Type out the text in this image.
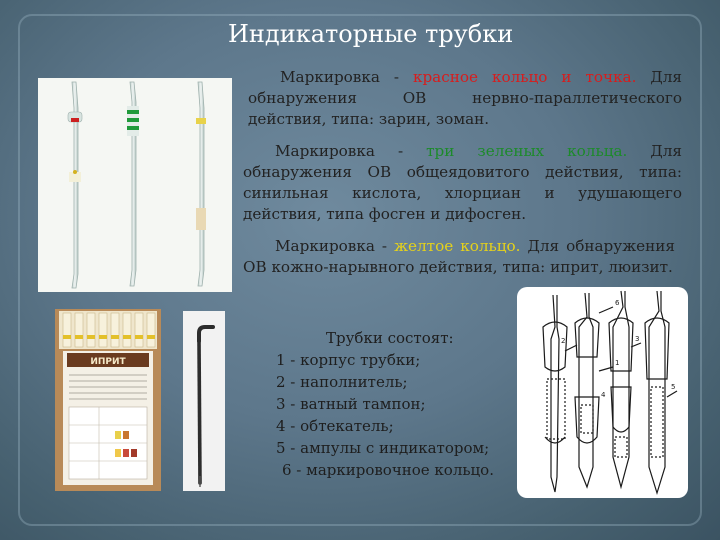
Индикаторные трубки
Маркировка - красное кольцо и точка. Для обнаружения ОВ нервно-параллетического действия, типа: зарин, зоман.
Маркировка - три зеленых кольца. Для обнаружения ОВ общеядовитого действия, типа: синильная кислота, хлорциан и удушающего действия, типа фосген и дифосген.
Маркировка - желтое кольцо. Для обнаружения ОВ кожно-нарывного действия, типа: иприт, люизит.
ИПРИТ
Трубки состоят:
1 - корпус трубки;
2 - наполнитель;
3 - ватный тампон;
4 - обтекатель;
5 - ампулы с индикатором;
6 - маркировочное кольцо.
6
1
2	3
5
4
